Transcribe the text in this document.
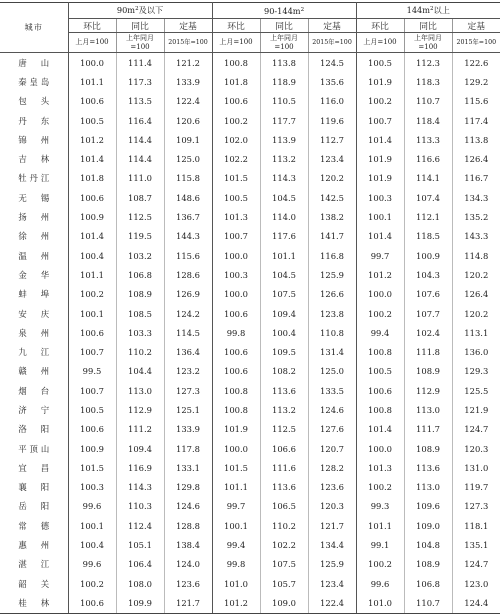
城市	$90m^2$及以下			$90-144m^2$			$144m^2$以上		
	环比	同比	定基	环比	同比	定基	环比	同比	定基
	上月=100	上年同月=100	2015年=100	上月=100	上年同月=100	2015年=100	上月=100	上年同月=100	2015年=100
唐山	100.0	111.4	121.2	100.8	113.8	124.5	100.5	112.3	122.6
秦皇岛	101.1	117.3	133.9	101.8	118.9	135.6	101.9	118.3	129.2
包头	100.6	113.5	122.4	100.6	110.5	116.0	100.2	110.7	115.6
丹东	100.5	116.4	120.6	100.2	117.7	119.6	100.7	118.4	117.4
锦州	101.2	114.4	109.1	102.0	113.9	112.7	101.4	113.3	113.8
吉林	101.4	114.4	125.0	102.2	113.2	123.4	101.9	116.6	126.4
牡丹江	101.8	111.0	115.8	101.5	114.3	120.2	101.9	114.1	116.7
无锡	100.6	108.7	148.6	100.5	104.5	142.5	100.3	107.4	134.3
扬州	100.9	112.5	136.7	101.3	114.0	138.2	100.1	112.1	135.2
徐州	101.4	119.5	144.3	100.7	117.6	141.7	101.4	118.5	143.3
温州	100.4	103.2	115.6	100.0	101.1	116.8	99.7	100.9	114.8
金华	101.1	106.8	128.6	100.3	104.5	125.9	101.2	104.3	120.2
蚌埠	100.2	108.9	126.9	100.0	107.5	126.6	100.0	107.6	126.4
安庆	100.1	108.5	124.2	100.6	109.4	123.8	100.2	107.7	120.2
泉州	100.6	103.3	114.5	99.8	100.4	110.8	99.4	102.4	113.1
九江	100.7	110.2	136.4	100.6	109.5	131.4	100.8	111.8	136.0
赣州	99.5	104.4	123.2	100.6	108.2	125.0	100.5	108.9	129.3
烟台	100.7	113.0	127.3	100.8	113.6	133.5	100.6	112.9	125.5
济宁	100.5	112.9	125.1	100.8	113.2	124.6	100.8	113.0	121.9
洛阳	100.6	111.2	133.9	101.9	112.5	127.6	101.4	111.7	124.7
平顶山	100.9	109.4	117.8	100.0	106.6	120.7	100.0	108.9	120.3
宜昌	101.5	116.9	133.1	101.5	111.6	128.2	101.3	113.6	131.0
襄阳	100.3	114.3	129.8	101.1	113.6	123.6	100.2	113.0	119.7
岳阳	99.6	110.3	124.6	99.7	106.5	120.3	99.3	109.6	127.3
常德	100.1	112.4	128.8	100.1	110.2	121.7	101.1	109.0	118.1
惠州	100.4	105.1	138.4	99.4	102.2	134.4	99.1	104.8	135.1
湛江	99.6	106.4	124.0	99.8	107.5	125.9	100.2	108.9	124.7
韶关	100.2	108.0	123.6	101.0	105.7	123.4	99.6	106.8	123.0
桂林	100.6	109.9	121.7	101.2	109.0	122.4	101.0	110.7	124.4
